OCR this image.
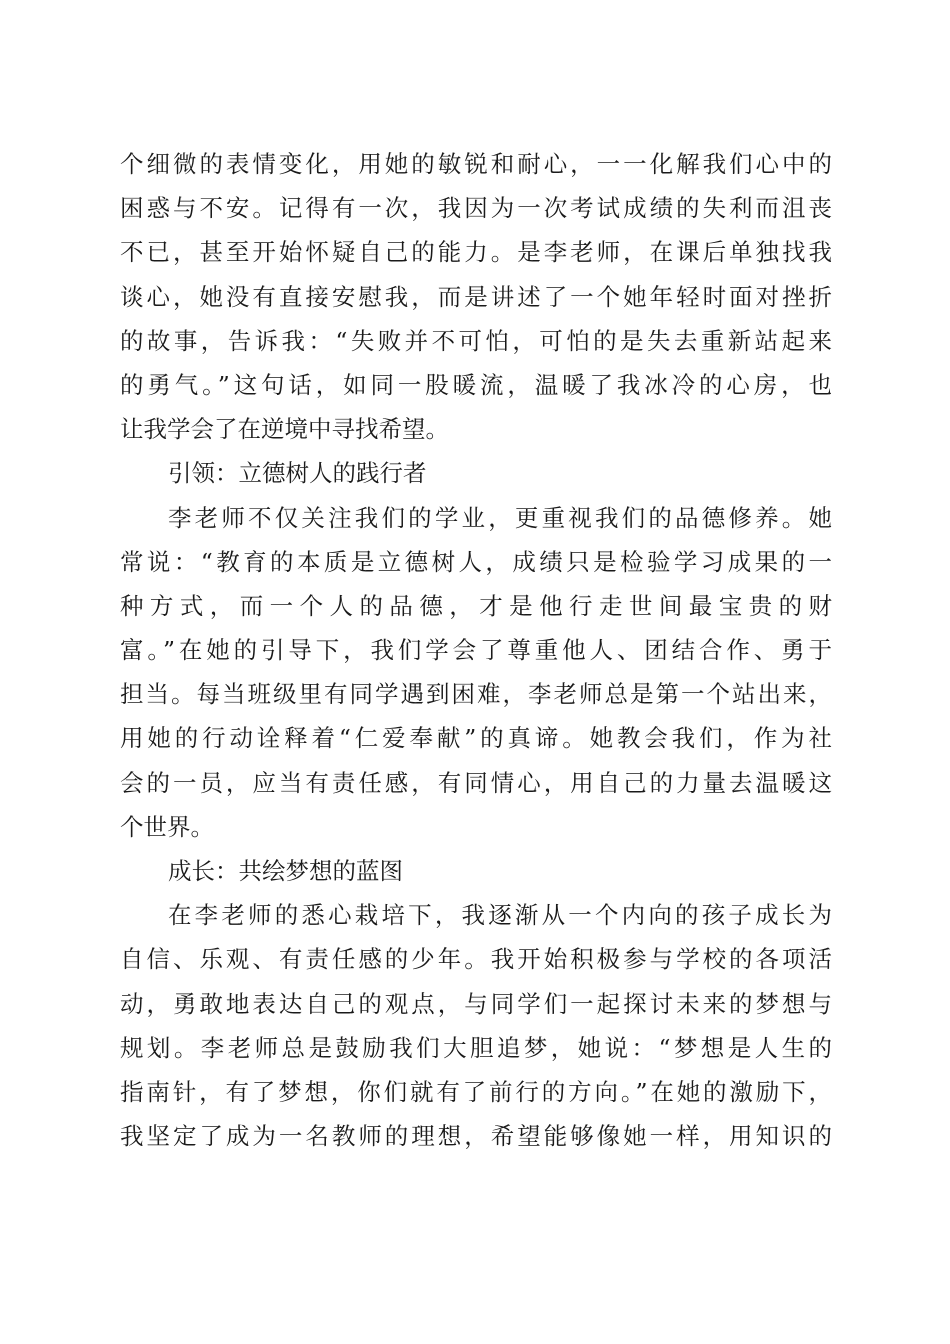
个细微的表情变化，用她的敏锐和耐心，一一化解我们心中的
困惑与不安。记得有一次，我因为一次考试成绩的失利而沮丧
不已，甚至开始怀疑自己的能力。是李老师，在课后单独找我
谈心，她没有直接安慰我，而是讲述了一个她年轻时面对挫折
的故事，告诉我：“失败并不可怕，可怕的是失去重新站起来
的勇气。”这句话，如同一股暖流，温暖了我冰冷的心房，也
让我学会了在逆境中寻找希望。
引领：立德树人的践行者
李老师不仅关注我们的学业，更重视我们的品德修养。她
常说：“教育的本质是立德树人，成绩只是检验学习成果的一
种方式，而一个人的品德，才是他行走世间最宝贵的财
富。”在她的引导下，我们学会了尊重他人、团结合作、勇于
担当。每当班级里有同学遇到困难，李老师总是第一个站出来，
用她的行动诠释着“仁爱奉献”的真谛。她教会我们，作为社
会的一员，应当有责任感，有同情心，用自己的力量去温暖这
个世界。
成长：共绘梦想的蓝图
在李老师的悉心栽培下，我逐渐从一个内向的孩子成长为
自信、乐观、有责任感的少年。我开始积极参与学校的各项活
动，勇敢地表达自己的观点，与同学们一起探讨未来的梦想与
规划。李老师总是鼓励我们大胆追梦，她说：“梦想是人生的
指南针，有了梦想，你们就有了前行的方向。”在她的激励下，
我坚定了成为一名教师的理想，希望能够像她一样，用知识的
